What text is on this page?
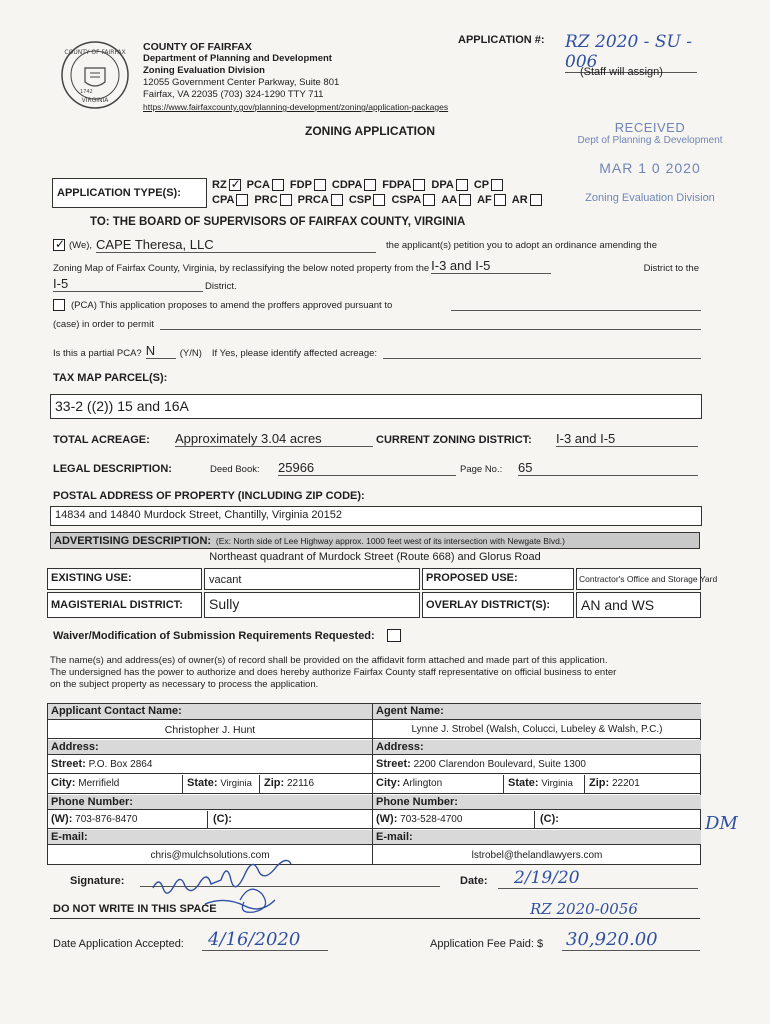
COUNTY OF FAIRFAX
VIRGINIA
1742
COUNTY OF FAIRFAX
Department of Planning and Development
Zoning Evaluation Division
12055 Government Center Parkway, Suite 801
Fairfax, VA 22035 (703) 324-1290 TTY 711
https://www.fairfaxcounty.gov/planning-development/zoning/application-packages
APPLICATION #: RZ 2020 - SU - 006
(Staff will assign)
ZONING APPLICATION	RECEIVED
Dept of Planning & Development
MAR 1 0 2020
Zoning Evaluation Division
APPLICATION TYPE(S):
RZ
✓ PCA FDP CDPA FDPA DPA CP
CPA PRC PRCA CSP CSPA AA AF AR
TO: THE BOARD OF SUPERVISORS OF FAIRFAX COUNTY, VIRGINIA
✓
(We), CAPE Theresa, LLC	the applicant(s) petition you to adopt an ordinance amending the
Zoning Map of Fairfax County, Virginia, by reclassifying the below noted property from the I-3 and I-5	District to the
I-5	District.
(PCA) This application proposes to amend the proffers approved pursuant to
(case) in order to permit
Is this a partial PCA? N	(Y/N) If Yes, please identify affected acreage:
TAX MAP PARCEL(S):
33-2 ((2)) 15 and 16A
TOTAL ACREAGE: Approximately 3.04 acres	CURRENT ZONING DISTRICT: I-3 and I-5
LEGAL DESCRIPTION:	Deed Book: 25966	Page No.: 65
POSTAL ADDRESS OF PROPERTY (INCLUDING ZIP CODE):
14834 and 14840 Murdock Street, Chantilly, Virginia 20152
ADVERTISING DESCRIPTION: (Ex: North side of Lee Highway approx. 1000 feet west of its intersection with Newgate Blvd.)
Northeast quadrant of Murdock Street (Route 668) and Glorus Road
EXISTING USE:	vacant	PROPOSED USE:	Contractor's Office and Storage Yard
MAGISTERIAL DISTRICT:	Sully	OVERLAY DISTRICT(S):	AN and WS
Waiver/Modification of Submission Requirements Requested:
The name(s) and address(es) of owner(s) of record shall be provided on the affidavit form attached and made part of this application.
The undersigned has the power to authorize and does hereby authorize Fairfax County staff representative on official business to enter
on the subject property as necessary to process the application.
Applicant Contact Name:	Agent Name:
Christopher J. Hunt	Lynne J. Strobel (Walsh, Colucci, Lubeley & Walsh, P.C.)
Address:	Address:
Street: P.O. Box 2864	Street: 2200 Clarendon Boulevard, Suite 1300
City: Merrifield	State: Virginia	Zip: 22116	City: Arlington	State: Virginia	Zip: 22201
Phone Number:	Phone Number:
(W): 703-876-8470	(C):	(W): 703-528-4700	(C):
E-mail:	E-mail:
chris@mulchsolutions.com	lstrobel@thelandlawyers.com
DM
Signature:	Date:	2/19/20
DO NOT WRITE IN THIS SPACE	RZ 2020-0056
Date Application Accepted:	4/16/2020	Application Fee Paid: $ 30,920.00
